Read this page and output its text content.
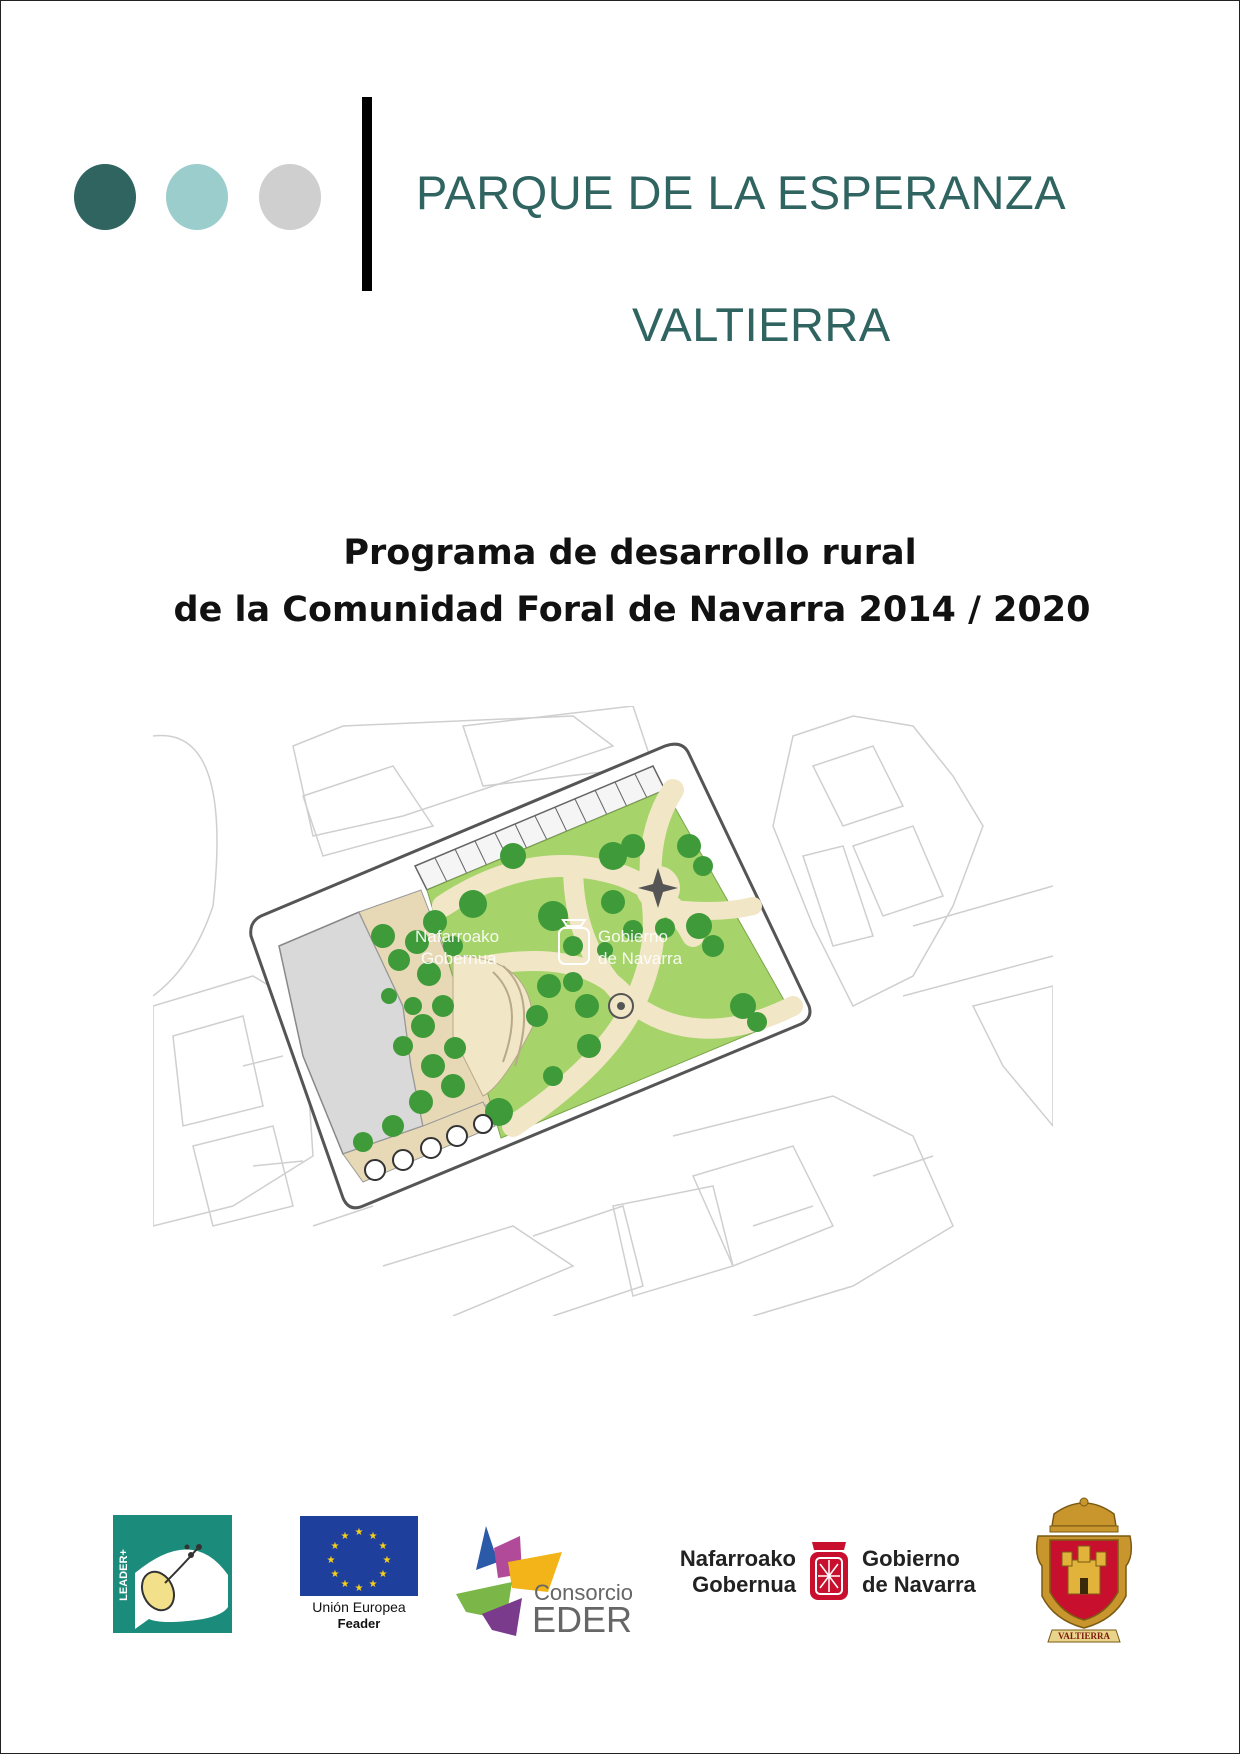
PARQUE DE LA ESPERANZA
VALTIERRA
Programa de desarrollo rural
de la Comunidad Foral de Navarra 2014 / 2020
Nafarroako
Gobernua
Gobierno
de Navarra
LEADER+
★ ★
★
★
★
★
★
★
★
★
★
★
Unión Europea
Feader
Consorcio
EDER
Nafarroako
Gobernua
Gobierno
de Navarra
VALTIERRA
